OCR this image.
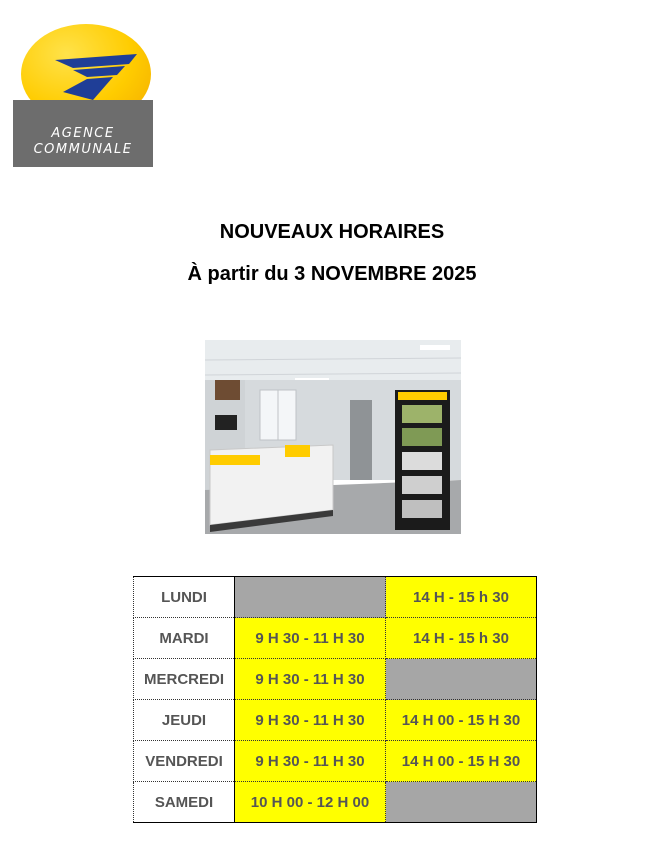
AGENCE
COMMUNALE
NOUVEAUX HORAIRES
À partir du 3 NOVEMBRE 2025
LUNDI		14 H - 15 h 30
MARDI	9 H 30 - 11 H 30	14 H - 15 h 30
MERCREDI	9 H 30 - 11 H 30	
JEUDI	9 H 30 - 11 H 30	14 H 00 - 15 H 30
VENDREDI	9 H 30 - 11 H 30	14 H 00 - 15 H 30
SAMEDI	10 H 00 - 12 H 00	
